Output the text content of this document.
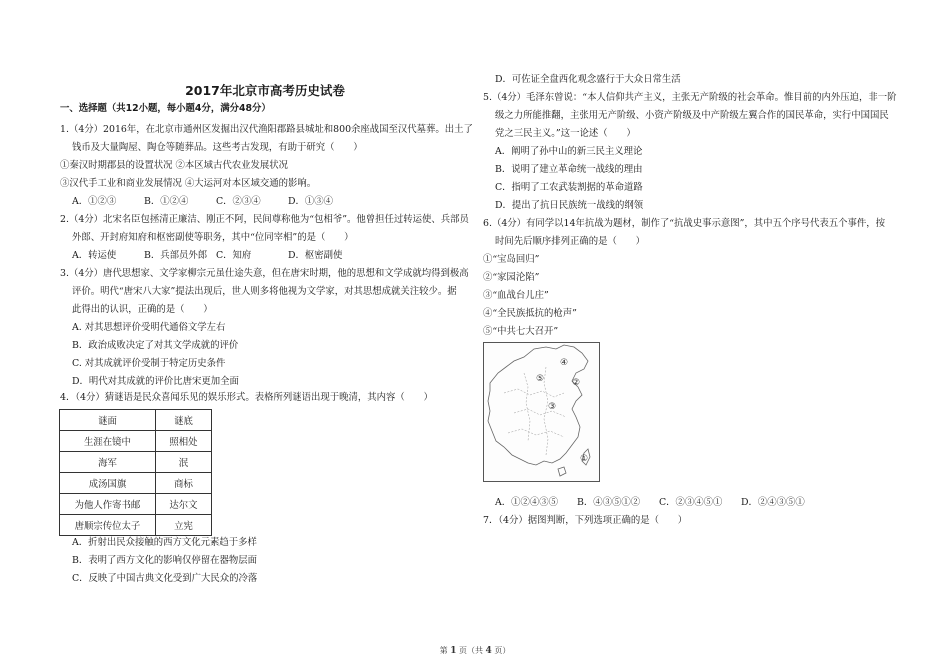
2017年北京市高考历史试卷
一、选择题（共12小题，每小题4分，满分48分）
1.（4分）2016年，在北京市通州区发掘出汉代渔阳郡路县城址和800余座战国至汉代墓葬。出土了
钱币及大量陶屋、陶仓等随葬品。这些考古发现，有助于研究（　　）
①秦汉时期郡县的设置状况 ②本区域古代农业发展状况
③汉代手工业和商业发展情况 ④大运河对本区域交通的影响。
A．①②③	B．①②④	C．②③④	D．①③④
2.（4分）北宋名臣包拯清正廉洁、刚正不阿，民间尊称他为“包相爷”。他曾担任过转运使、兵部员
外郎、开封府知府和枢密副使等职务，其中“位同宰相”的是（　　）
A．转运使	B．兵部员外郎 C．知府	D．枢密副使
3.（4分）唐代思想家、文学家柳宗元虽仕途失意，但在唐宋时期，他的思想和文学成就均得到极高
评价。明代“唐宋八大家”提法出现后，世人则多将他视为文学家，对其思想成就关注较少。据
此得出的认识，正确的是（　　）
A. 对其思想评价受明代通俗文学左右
B．政治成败决定了对其文学成就的评价
C. 对其成就评价受制于特定历史条件
D．明代对其成就的评价比唐宋更加全面
4．（4分）猜谜语是民众喜闻乐见的娱乐形式。表格所列谜语出现于晚清，其内容（　　）
谜面	谜底
生涯在镜中	照相处
海军	泯
成汤国旗	商标
为他人作寄书邮	达尔文
唐顺宗传位太子	立宪
A．折射出民众接触的西方文化元素趋于多样
B．表明了西方文化的影响仅停留在器物层面
C．反映了中国古典文化受到广大民众的冷落
D．可佐证全盘西化观念盛行于大众日常生活
5.（4分）毛泽东曾说：“本人信仰共产主义，主张无产阶级的社会革命。惟目前的内外压迫，非一阶
级之力所能推翻，主张用无产阶级、小资产阶级及中产阶级左翼合作的国民革命，实行中国国民
党之三民主义。”这一论述（　　）
A．阐明了孙中山的新三民主义理论
B．说明了建立革命统一战线的理由
C．指明了工农武装割据的革命道路
D．提出了抗日民族统一战线的纲领
6.（4分）有同学以14年抗战为题材，制作了“抗战史事示意图”，其中五个序号代表五个事件，按
时间先后顺序排列正确的是（　　）
①“宝岛回归”
②“家园沦陷”
③“血战台儿庄”
④“全民族抵抗的枪声”
⑤“中共七大召开”
④
⑤
③
②
①
A．①②④③⑤ B．④③⑤①② C．②③④⑤① D．②④③⑤①
7．（4分）据图判断，下列选项正确的是（　　）
第 1 页（共 4 页）
